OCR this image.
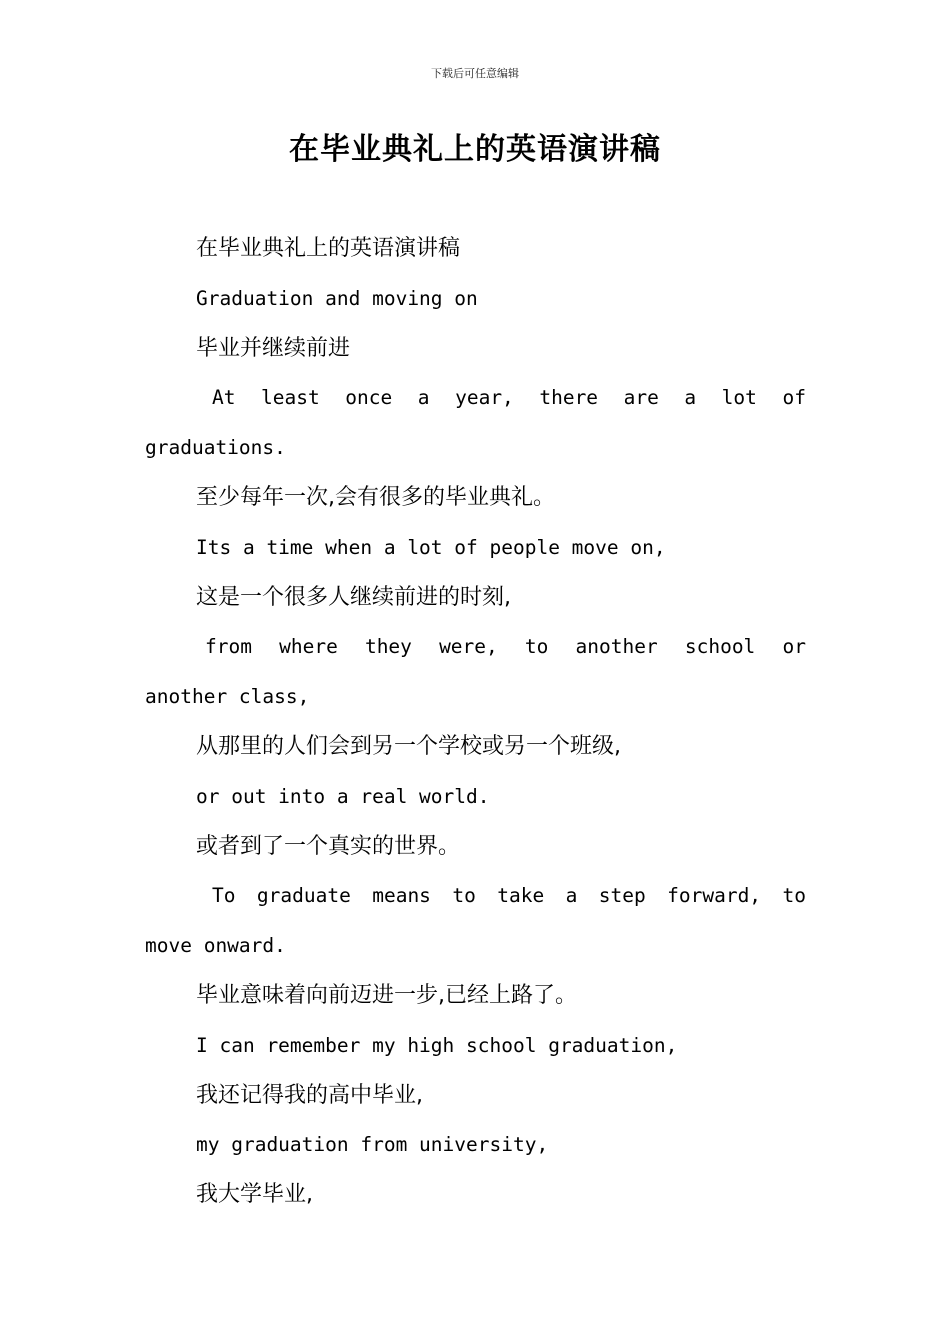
下载后可任意编辑
在毕业典礼上的英语演讲稿
在毕业典礼上的英语演讲稿
Graduation and moving on
毕业并继续前进
At least once a year, there are a lot of
graduations.
至少每年一次,会有很多的毕业典礼。
Its a time when a lot of people move on,
这是一个很多人继续前进的时刻,
from where they were, to another school or
another class,
从那里的人们会到另一个学校或另一个班级,
or out into a real world.
或者到了一个真实的世界。
To graduate means to take a step forward, to
move onward.
毕业意味着向前迈进一步,已经上路了。
I can remember my high school graduation,
我还记得我的高中毕业,
my graduation from university,
我大学毕业,
